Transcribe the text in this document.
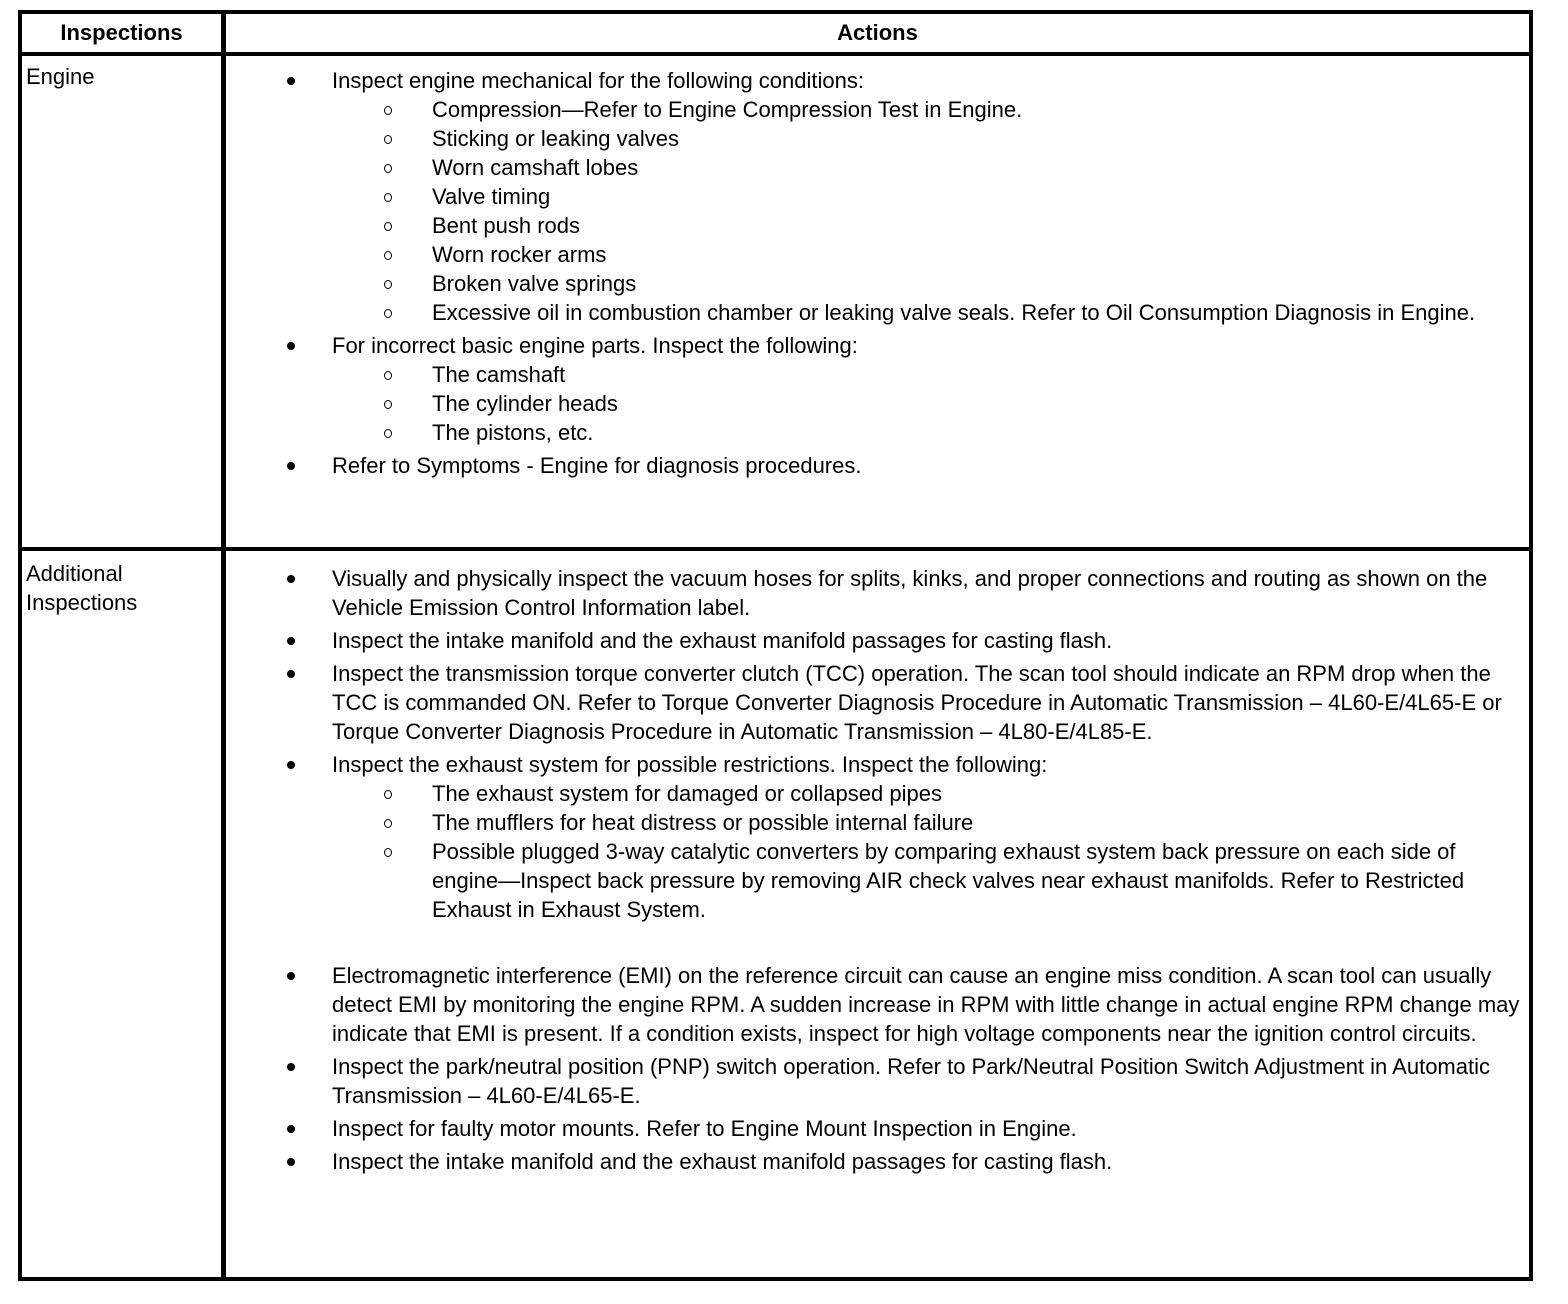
Inspections	Actions
Engine	Inspect engine mechanical for the following conditions:
Compression—Refer to Engine Compression Test in Engine.
Sticking or leaking valves
Worn camshaft lobes
Valve timing
Bent push rods
Worn rocker arms
Broken valve springs
Excessive oil in combustion chamber or leaking valve seals. Refer to Oil Consumption Diagnosis in Engine.
For incorrect basic engine parts. Inspect the following:
The camshaft
The cylinder heads
The pistons, etc.
Refer to Symptoms - Engine for diagnosis procedures.
Additional Inspections
Visually and physically inspect the vacuum hoses for splits, kinks, and proper connections and routing as shown on the Vehicle Emission Control Information label.
Inspect the intake manifold and the exhaust manifold passages for casting flash.
Inspect the transmission torque converter clutch (TCC) operation. The scan tool should indicate an RPM drop when the TCC is commanded ON. Refer to Torque Converter Diagnosis Procedure in Automatic Transmission – 4L60-E/4L65-E or Torque Converter Diagnosis Procedure in Automatic Transmission – 4L80-E/4L85-E.
Inspect the exhaust system for possible restrictions. Inspect the following:
The exhaust system for damaged or collapsed pipes
The mufflers for heat distress or possible internal failure
Possible plugged 3-way catalytic converters by comparing exhaust system back pressure on each side of engine—Inspect back pressure by removing AIR check valves near exhaust manifolds. Refer to Restricted Exhaust in Exhaust System.
Electromagnetic interference (EMI) on the reference circuit can cause an engine miss condition. A scan tool can usually detect EMI by monitoring the engine RPM. A sudden increase in RPM with little change in actual engine RPM change may indicate that EMI is present. If a condition exists, inspect for high voltage components near the ignition control circuits.
Inspect the park/neutral position (PNP) switch operation. Refer to Park/Neutral Position Switch Adjustment in Automatic Transmission – 4L60-E/4L65-E.
Inspect for faulty motor mounts. Refer to Engine Mount Inspection in Engine.
Inspect the intake manifold and the exhaust manifold passages for casting flash.
